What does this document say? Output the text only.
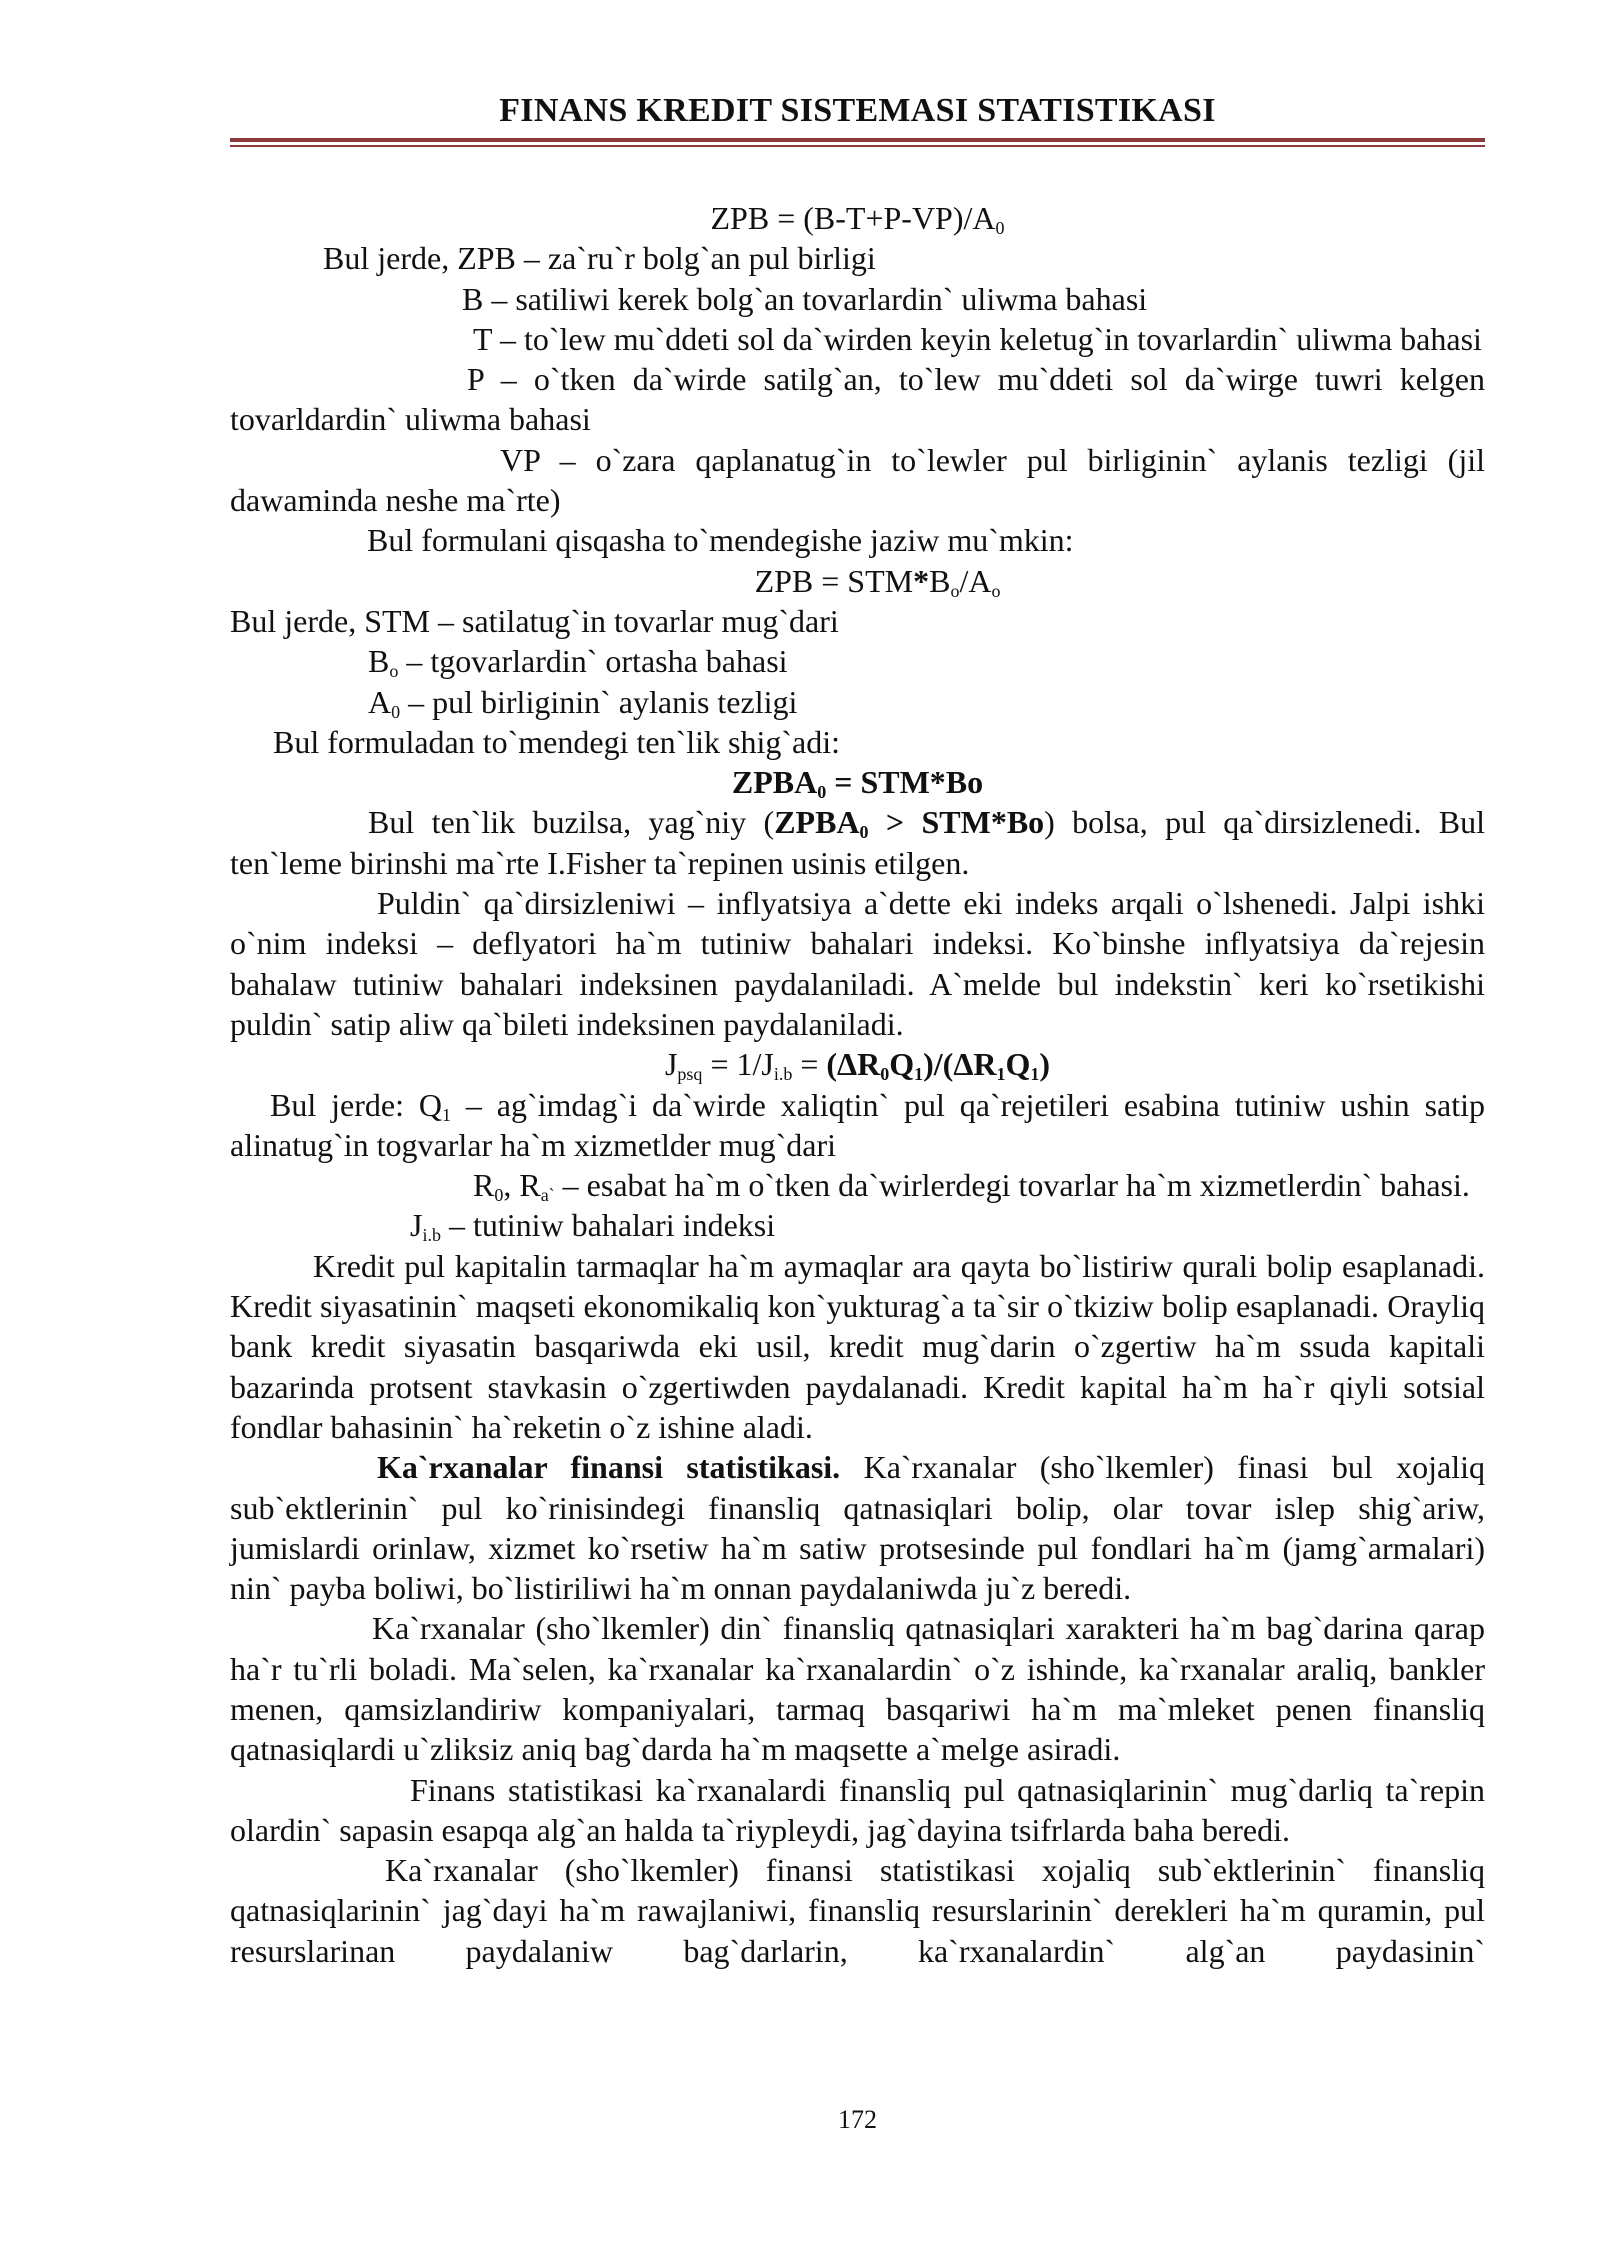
FINANS KREDIT SISTEMASI STATISTIKASI

ZPB = $(B-T+P-VP)/A_0$

Bul jerde, ZPB – za`ru`r bolg`an pul birligi

B – satiliwi kerek bolg`an tovarlardin` uliwma bahasi

T – to`lew mu`ddeti sol da`wirden keyin keletug`in tovarlardin` uliwma bahasi

P – o`tken da`wirde satilg`an, to`lew mu`ddeti sol da`wirge tuwri kelgen tovarldardin` uliwma bahasi

VP – o`zara qaplanatug`in to`lewler pul birliginin` aylanis tezligi (jil dawaminda neshe ma`rte)

Bul formulani qisqasha to`mendegishe jaziw mu`mkin:

ZPB = $STM*B_o/A_o$

Bul jerde, STM – satilatug`in tovarlar mug`dari

$B_o$ – tgovarlardin` ortasha bahasi

$A_0$ – pul birliginin` aylanis tezligi

Bul formuladan to`mendegi ten`lik shig`adi:

$ZPBA_0 = STM*Bo$

Bul ten`lik buzilsa, yag`niy $(ZPBA_0 > STM*Bo)$ bolsa, pul qa`dirsizlenedi. Bul ten`leme birinshi ma`rte I.Fisher ta`repinen usinis etilgen.

Puldin` qa`dirsizleniwi – inflyatsiya a`dette eki indeks arqali o`lshenedi. Jalpi ishki o`nim indeksi – deflyatori ha`m tutiniw bahalari indeksi. Ko`binshe inflyatsiya da`rejesin bahalaw tutiniw bahalari indeksinen paydalaniladi. A`melde bul indekstin` keri ko`rsetikishi puldin` satip aliw qa`bileti indeksinen paydalaniladi.

$J_{psq} = 1/J_{i.b} = (\Delta R_0Q_1)/(\Delta R_1Q_1)$

Bul jerde: $Q_1$ – ag`imdag`i da`wirde xaliqtin` pul qa`rejetileri esabina tutiniw ushin satip alinatug`in togvarlar ha`m xizmetlder mug`dari

$R_0$, $R_{a`}$ – esabat ha`m o`tken da`wirlerdegi tovarlar ha`m xizmetlerdin` bahasi.

$J_{i.b}$ – tutiniw bahalari indeksi

Kredit pul kapitalin tarmaqlar ha`m aymaqlar ara qayta bo`listiriw qurali bolip esaplanadi. Kredit siyasatinin` maqseti ekonomikaliq kon`yukturag`a ta`sir o`tkiziw bolip esaplanadi. Orayliq bank kredit siyasatin basqariwda eki usil, kredit mug`darin o`zgertiw ha`m ssuda kapitali bazarinda protsent stavkasin o`zgertiwden paydalanadi. Kredit kapital ha`m ha`r qiyli sotsial fondlar bahasinin` ha`reketin o`z ishine aladi.

Ka`rxanalar finansi statistikasi. Ka`rxanalar (sho`lkemler) finasi bul xojaliq sub`ektlerinin` pul ko`rinisindegi finansliq qatnasiqlari bolip, olar tovar islep shig`ariw, jumislardi orinlaw, xizmet ko`rsetiw ha`m satiw protsesinde pul fondlari ha`m (jamg`armalari) nin` payba boliwi, bo`listiriliwi ha`m onnan paydalaniwda ju`z beredi.

Ka`rxanalar (sho`lkemler) din` finansliq qatnasiqlari xarakteri ha`m bag`darina qarap ha`r tu`rli boladi. Ma`selen, ka`rxanalar ka`rxanalardin` o`z ishinde, ka`rxanalar araliq, bankler menen, qamsizlandiriw kompaniyalari, tarmaq basqariwi ha`m ma`mleket penen finansliq qatnasiqlardi u`zliksiz aniq bag`darda ha`m maqsette a`melge asiradi.

Finans statistikasi ka`rxanalardi finansliq pul qatnasiqlarinin` mug`darliq ta`repin olardin` sapasin esapqa alg`an halda ta`riypleydi, jag`dayina tsifrlarda baha beredi.

Ka`rxanalar (sho`lkemler) finansi statistikasi xojaliq sub`ektlerinin` finansliq qatnasiqlarinin` jag`dayi ha`m rawajlaniwi, finansliq resurslarinin` derekleri ha`m quramin, pul resurslarinan paydalaniw bag`darlarin, ka`rxanalardin` alg`an paydasinin`

172
